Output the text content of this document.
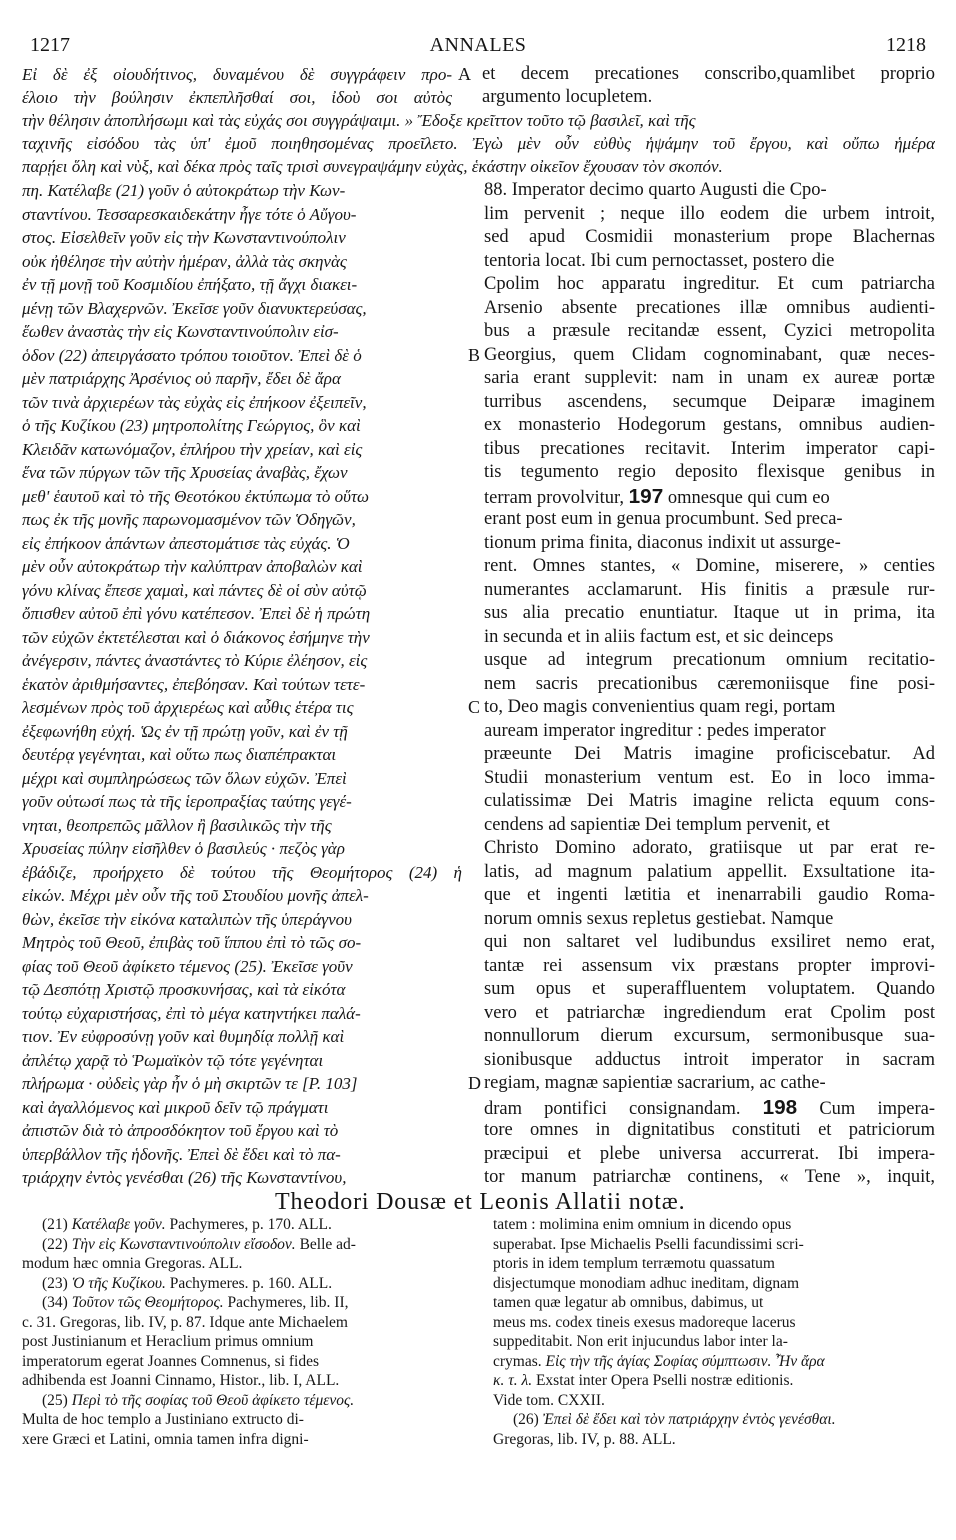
1217	ANNALES	1218
Εἰ δὲ ἐξ οἰουδήτινος, δυναμένου δὲ συγγράφειν προ-
έλοιο τὴν βούλησιν ἐκπεπλῆσθαί σοι, ἰδοὺ σοι αὐτὸς
A et decem precationes conscribo,quamlibet proprio
argumento locupletem.
τὴν θέλησιν ἀποπλήσωμι καὶ τὰς εὐχάς σοι συγγράψαιμι. » Ἔδοξε κρεῖττον τοῦτο τῷ βασιλεῖ, καὶ τῆς
ταχινῆς εἰσόδου τὰς ὑπ' ἐμοῦ ποιηθησομένας προεῖλετο. Ἐγὼ μὲν οὖν εὐθὺς ἡψάμην τοῦ ἔργου, καὶ οὔπω ἡμέρα
παρῄει ὅλη καὶ νὺξ, καὶ δέκα πρὸς ταῖς τρισὶ συνεγραψάμην εὐχὰς, ἑκάστην οἰκεῖον ἔχουσαν τὸν σκοπόν.
πη. Κατέλαβε (21) γοῦν ὁ αὐτοκράτωρ τὴν Κων-
σταντίνου. Τεσσαρεσκαιδεκάτην ἦγε τότε ὁ Αὔγου-
στος. Εἰσελθεῖν γοῦν εἰς τὴν Κωνσταντινούπολιν
οὐκ ἠθέλησε τὴν αὐτὴν ἡμέραν, ἀλλὰ τὰς σκηνὰς
ἐν τῇ μονῇ τοῦ Κοσμιδίου ἐπήξατο, τῇ ἄγχι διακει-
μένῃ τῶν Βλαχερνῶν. Ἐκεῖσε γοῦν διανυκτερεύσας,
ἕωθεν ἀναστὰς τὴν εἰς Κωνσταντινούπολιν εἰσ-
B
ὁδον (22) ἀπειργάσατο τρόπου τοιοῦτον. Ἐπεὶ δὲ ὁ
μὲν πατριάρχης Ἀρσένιος οὐ παρῆν, ἔδει δὲ ἄρα
τῶν τινὰ ἀρχιερέων τὰς εὐχὰς εἰς ἐπήκοον ἐξειπεῖν,
ὁ τῆς Κυζίκου (23) μητροπολίτης Γεώργιος, ὃν καὶ
Κλειδᾶν κατωνόμαζον, ἐπλήρου τὴν χρείαν, καὶ εἰς
ἕνα τῶν πύργων τῶν τῆς Χρυσείας ἀναβὰς, ἔχων
μεθ' ἑαυτοῦ καὶ τὸ τῆς Θεοτόκου ἐκτύπωμα τὸ οὕτω
πως ἐκ τῆς μονῆς παρωνομασμένον τῶν Ὁδηγῶν,
εἰς ἐπήκοον ἁπάντων ἀπεστομάτισε τὰς εὐχάς. Ὁ
μὲν οὖν αὐτοκράτωρ τὴν καλύπτραν ἀποβαλὼν καὶ
γόνυ κλίνας ἔπεσε χαμαὶ, καὶ πάντες δὲ οἱ σὺν αὐτῷ
ὄπισθεν αὐτοῦ ἐπὶ γόνυ κατέπεσον. Ἐπεὶ δὲ ἡ πρώτη
τῶν εὐχῶν ἐκτετέλεσται καὶ ὁ διάκονος ἐσήμηνε τὴν
ἀνέγερσιν, πάντες ἀναστάντες τὸ Κύριε ἐλέησον, εἰς
ἑκατὸν ἀριθμήσαντες, ἐπεβόησαν. Καὶ τούτων τετε-
C
λεσμένων πρὸς τοῦ ἀρχιερέως καὶ αὖθις ἑτέρα τις
ἐξεφωνήθη εὐχή. Ὡς ἐν τῇ πρώτῃ γοῦν, καὶ ἐν τῇ
δευτέρᾳ γεγένηται, καὶ οὕτω πως διαπέπρακται
μέχρι καὶ συμπληρώσεως τῶν ὅλων εὐχῶν. Ἐπεὶ
γοῦν οὑτωσί πως τὰ τῆς ἱεροπραξίας ταύτης γεγέ-
νηται, θεοπρεπῶς μᾶλλον ἢ βασιλικῶς τὴν τῆς
Χρυσείας πύλην εἰσῆλθεν ὁ βασιλεύς · πεζὸς γὰρ
ἐβάδιζε, προήρχετο δὲ τούτου τῆς Θεομήτορος (24) ἡ
εἰκών. Μέχρι μὲν οὖν τῆς τοῦ Στουδίου μονῆς ἀπελ-
θὼν, ἐκεῖσε τὴν εἰκόνα καταλιπὼν τῆς ὑπεράγνου
Μητρὸς τοῦ Θεοῦ, ἐπιβὰς τοῦ ἵππου ἐπὶ τὸ τῶς σο-
φίας τοῦ Θεοῦ ἀφίκετο τέμενος (25). Ἐκεῖσε γοῦν
τῷ Δεσπότῃ Χριστῷ προσκυνήσας, καὶ τὰ εἰκότα
τούτῳ εὐχαριστήσας, ἐπὶ τὸ μέγα κατηντήκει παλά-
τιον. Ἐν εὐφροσύνῃ γοῦν καὶ θυμηδίᾳ πολλῇ καὶ
ἀπλέτῳ χαρᾷ τὸ Ῥωμαϊκὸν τῷ τότε γεγένηται
D
πλήρωμα · οὐδεὶς γὰρ ἦν ὁ μὴ σκιρτῶν τε [P. 103]
καὶ ἀγαλλόμενος καὶ μικροῦ δεῖν τῷ πράγματι
ἀπιστῶν διὰ τὸ ἀπροσδόκητον τοῦ ἔργου καὶ τὸ
ὑπερβάλλον τῆς ἡδονῆς. Ἐπεὶ δὲ ἔδει καὶ τὸ πα-
τριάρχην ἐντὸς γενέσθαι (26) τῆς Κωνσταντίνου,
88. Imperator decimo quarto Augusti die Cpo-
lim pervenit ; neque illo eodem die urbem introit,
sed apud Cosmidii monasterium prope Blachernas
tentoria locat. Ibi cum pernoctasset, postero die
Cpolim hoc apparatu ingreditur. Et cum patriarcha
Arsenio absente precationes illæ omnibus audienti-
bus a præsule recitandæ essent, Cyzici metropolita
Georgius, quem Clidam cognominabant, quæ neces-
saria erant supplevit: nam in unam ex aureæ portæ
turribus ascendens, secumque Deiparæ imaginem
ex monasterio Hodegorum gestans, omnibus audien-
tibus precationes recitavit. Interim imperator capi-
tis tegumento regio deposito flexisque genibus in
terram provolvitur, 197 omnesque qui cum eo
erant post eum in genua procumbunt. Sed preca-
tionum prima finita, diaconus indixit ut assurge-
rent. Omnes stantes, « Domine, miserere, » centies
numerantes acclamarunt. His finitis a præsule rur-
sus alia precatio enuntiatur. Itaque ut in prima, ita
in secunda et in aliis factum est, et sic deinceps
usque ad integrum precationum omnium recitatio-
nem sacris precationibus cæremoniisque fine posi-
to, Deo magis convenientius quam regi, portam
auream imperator ingreditur : pedes imperator
præeunte Dei Matris imagine proficiscebatur. Ad
Studii monasterium ventum est. Eo in loco imma-
culatissimæ Dei Matris imagine relicta equum cons-
cendens ad sapientiæ Dei templum pervenit, et
Christo Domino adorato, gratiisque ut par erat re-
latis, ad magnum palatium appellit. Exsultatione ita-
que et ingenti lætitia et inenarrabili gaudio Roma-
norum omnis sexus repletus gestiebat. Namque
qui non saltaret vel ludibundus exsiliret nemo erat,
tantæ rei assensum vix præstans propter improvi-
sum opus et superaffluentem voluptatem. Quando
vero et patriarchæ ingrediendum erat Cpolim post
nonnullorum dierum excursum, sermonibusque sua-
sionibusque adductus introit imperator in sacram
regiam, magnæ sapientiæ sacrarium, ac cathe-
dram pontifici consignandam. 198 Cum impera-
tore omnes in dignitatibus constituti et patriciorum
præcipui et plebe universa accurrerat. Ibi impera-
tor manum patriarchæ continens, « Tene », inquit,
Theodori Dousæ et Leonis Allatii notæ.
(21) Κατέλαβε γοῦν. Pachymeres, p. 170. ALL.
(22) Τὴν εἰς Κωνσταντινούπολιν εἴσοδον. Belle ad-
modum hæc omnia Gregoras. ALL.
(23) Ὁ τῆς Κυζίκου. Pachymeres. p. 160. ALL.
(34) Τοῦτον τῶς Θεομήτορος. Pachymeres, lib. II,
c. 31. Gregoras, lib. IV, p. 87. Idque ante Michaelem
post Justinianum et Heraclium primus omnium
imperatorum egerat Joannes Comnenus, si fides
adhibenda est Joanni Cinnamo, Histor., lib. I, ALL.
(25) Περὶ τὸ τῆς σοφίας τοῦ Θεοῦ ἀφίκετο τέμενος.
Multa de hoc templo a Justiniano extructo di-
xere Græci et Latini, omnia tamen infra digni-
tatem : molimina enim omnium in dicendo opus
superabat. Ipse Michaelis Pselli facundissimi scri-
ptoris in idem templum terræmotu quassatum
disjectumque monodiam adhuc ineditam, dignam
tamen quæ legatur ab omnibus, dabimus, ut
meus ms. codex tineis exesus madoreque lacerus
suppeditabit. Non erit injucundus labor inter la-
crymas. Εἰς τὴν τῆς ἁγίας Σοφίας σύμπτωσιν. Ἦν ἄρα
κ. τ. λ. Exstat inter Opera Pselli nostræ editionis.
Vide tom. CXXII.
(26) Ἐπεὶ δὲ ἔδει καὶ τὸν πατριάρχην ἐντὸς γενέσθαι.
Gregoras, lib. IV, p. 88. ALL.
